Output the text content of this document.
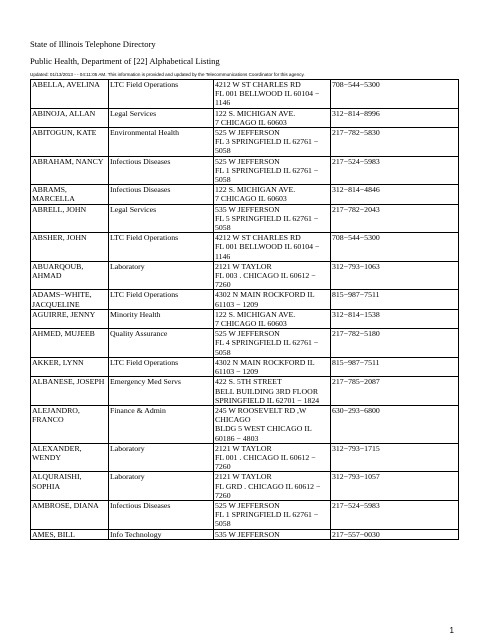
State of Illinois Telephone Directory
Public Health, Department of [22] Alphabetical Listing
Updated: 01/13/2013 - - 04:11:05 AM. This information is provided and updated by the Telecommunications Coordinator for this agency.
ABELLA, AVELINA	LTC Field Operations	4212 W ST CHARLES RD
FL 001 BELLWOOD IL 60104 −
1146	708−544−5300
ABINOJA, ALLAN	Legal Services	122 S. MICHIGAN AVE.
7 CHICAGO IL 60603	312−814−8996
ABITOGUN, KATE	Environmental Health	525 W JEFFERSON
FL 3 SPRINGFIELD IL 62761 −
5058	217−782−5830
ABRAHAM, NANCY	Infectious Diseases	525 W JEFFERSON
FL 1 SPRINGFIELD IL 62761 −
5058	217−524−5983
ABRAMS,
MARCELLA	Infectious Diseases	122 S. MICHIGAN AVE.
7 CHICAGO IL 60603	312−814−4846
ABRELL, JOHN	Legal Services	535 W JEFFERSON
FL 5 SPRINGFIELD IL 62761 −
5058	217−782−2043
ABSHER, JOHN	LTC Field Operations	4212 W ST CHARLES RD
FL 001 BELLWOOD IL 60104 −
1146	708−544−5300
ABUARQOUB,
AHMAD	Laboratory	2121 W TAYLOR
FL 003 . CHICAGO IL 60612 −
7260	312−793−1063
ADAMS−WHITE,
JACQUELINE	LTC Field Operations	4302 N MAIN ROCKFORD IL
61103 − 1209	815−987−7511
AGUIRRE, JENNY	Minority Health	122 S. MICHIGAN AVE.
7 CHICAGO IL 60603	312−814−1538
AHMED, MUJEEB	Quality Assurance	525 W JEFFERSON
FL 4 SPRINGFIELD IL 62761 −
5058	217−782−5180
AKKER, LYNN	LTC Field Operations	4302 N MAIN ROCKFORD IL
61103 − 1209	815−987−7511
ALBANESE, JOSEPH	Emergency Med Servs	422 S. 5TH STREET
BELL BUILDING 3RD FLOOR
SPRINGFIELD IL 62701 − 1824	217−785−2087
ALEJANDRO,
FRANCO	Finance & Admin	245 W ROOSEVELT RD ,W
CHICAGO
BLDG 5 WEST CHICAGO IL
60186 − 4803	630−293−6800
ALEXANDER,
WENDY	Laboratory	2121 W TAYLOR
FL 001 . CHICAGO IL 60612 −
7260	312−793−1715
ALQURAISHI,
SOPHIA	Laboratory	2121 W TAYLOR
FL GRD . CHICAGO IL 60612 −
7260	312−793−1057
AMBROSE, DIANA	Infectious Diseases	525 W JEFFERSON
FL 1 SPRINGFIELD IL 62761 −
5058	217−524−5983
AMES, BILL	Info Technology	535 W JEFFERSON	217−557−0030
1
